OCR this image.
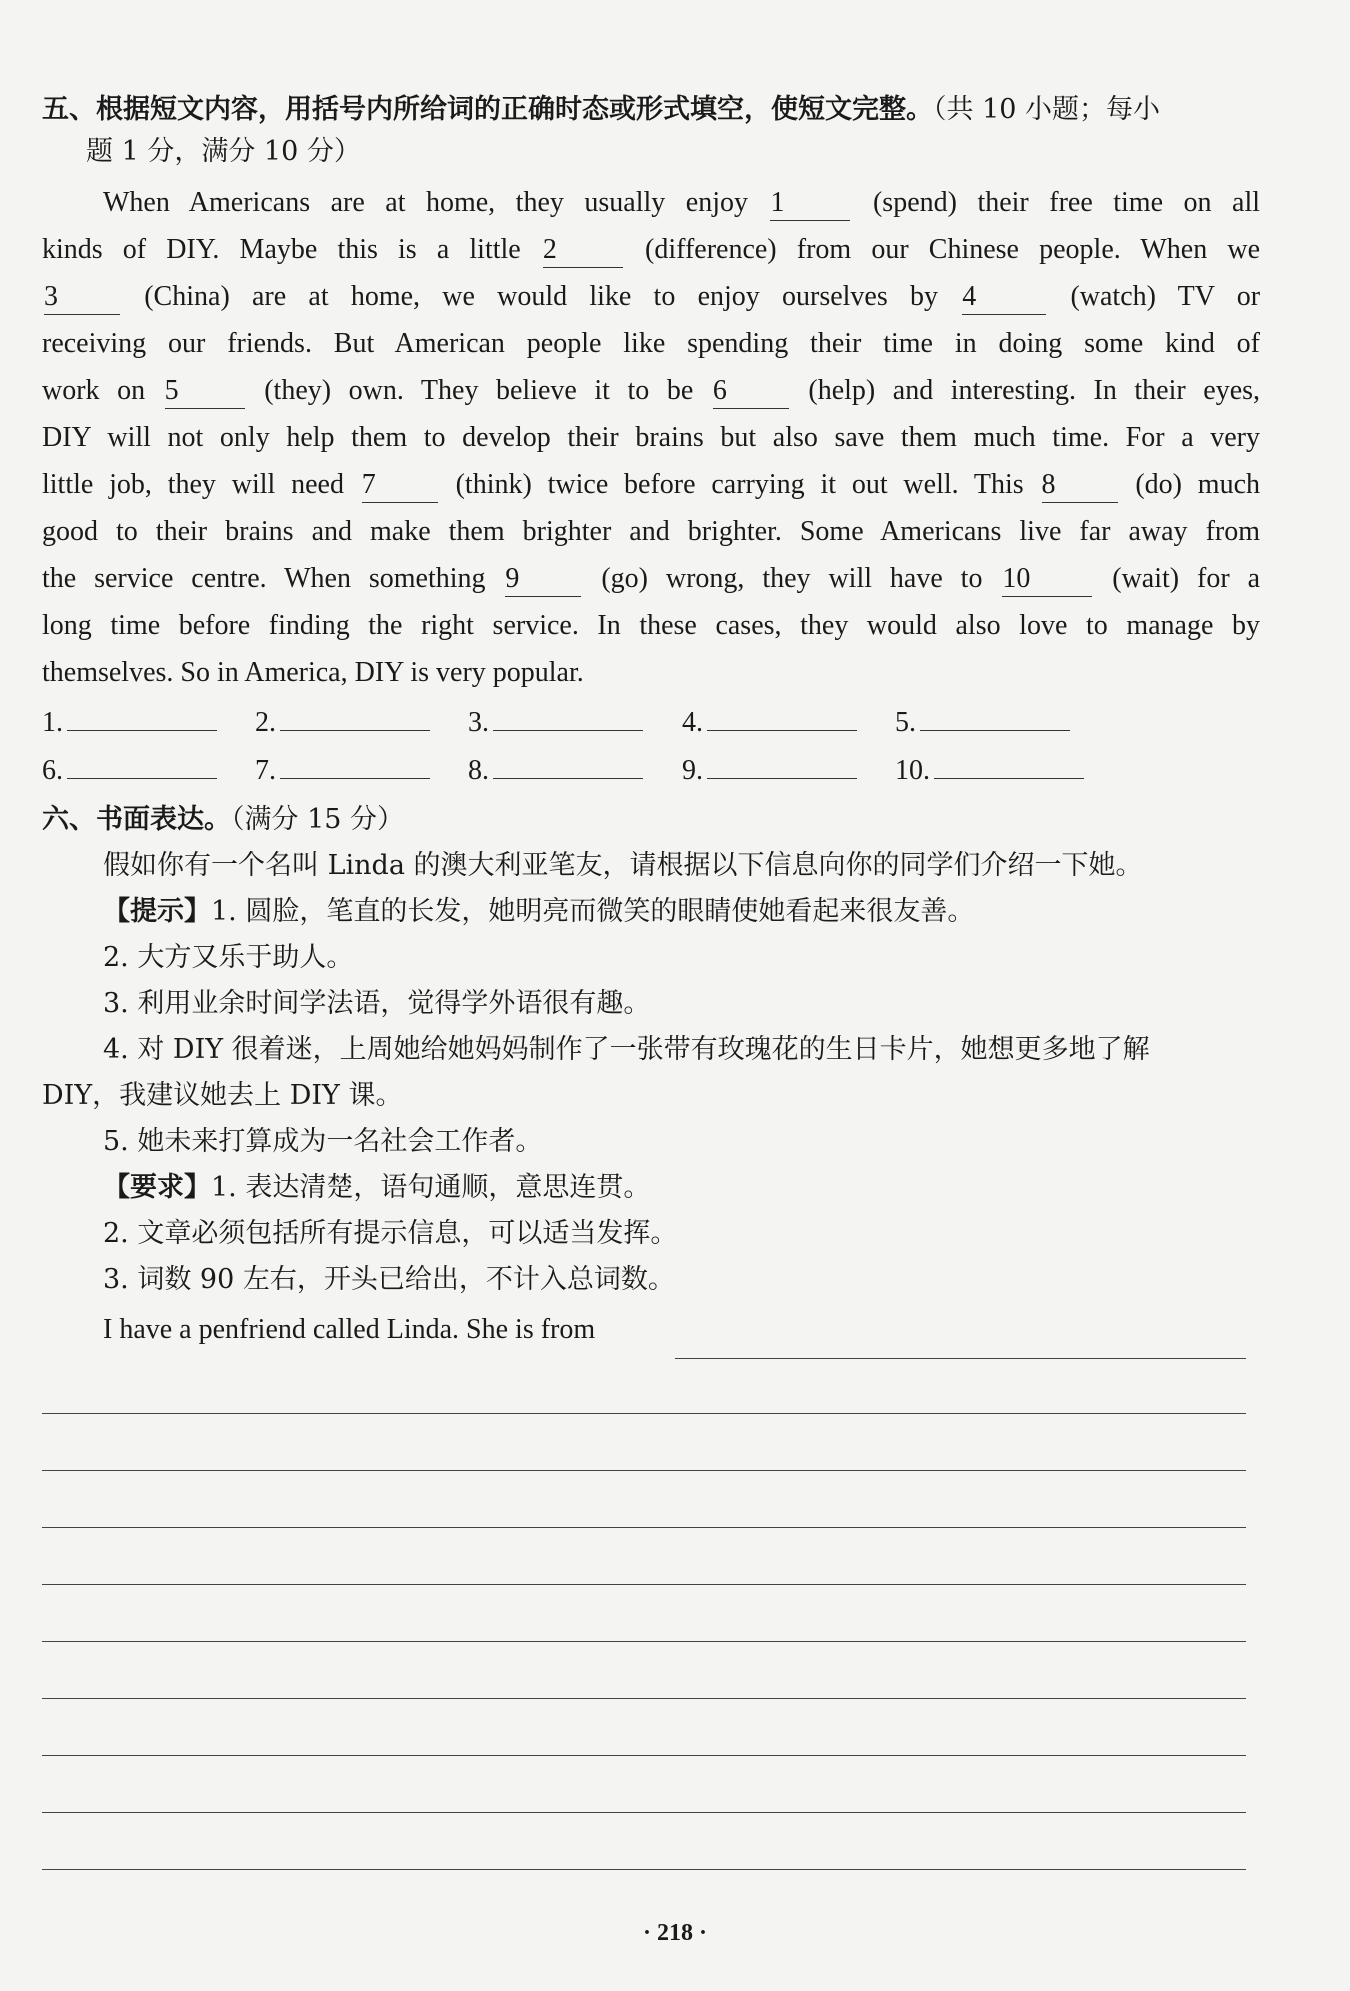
五、根据短文内容，用括号内所给词的正确时态或形式填空，使短文完整。（共 10 小题；每小
题 1 分，满分 10 分）
When Americans are at home, they usually enjoy 1	(spend) their free time on all
kinds of DIY. Maybe this is a little 2	(difference) from our Chinese people. When we
3	(China) are at home, we would like to enjoy ourselves by 4	(watch) TV or
receiving our friends. But American people like spending their time in doing some kind of
work on 5	(they) own. They believe it to be 6	(help) and interesting. In their eyes,
DIY will not only help them to develop their brains but also save them much time. For a very
little job, they will need 7	(think) twice before carrying it out well. This 8	(do) much
good to their brains and make them brighter and brighter. Some Americans live far away from
the service centre. When something 9	(go) wrong, they will have to 10	(wait) for a
long time before finding the right service. In these cases, they would also love to manage by
themselves. So in America, DIY is very popular.
1.	2.	3.	4.	5.
6.	7.	8.	9.	10.
六、书面表达。（满分 15 分）
假如你有一个名叫 Linda 的澳大利亚笔友，请根据以下信息向你的同学们介绍一下她。
【提示】1. 圆脸，笔直的长发，她明亮而微笑的眼睛使她看起来很友善。
2. 大方又乐于助人。
3. 利用业余时间学法语，觉得学外语很有趣。
4. 对 DIY 很着迷，上周她给她妈妈制作了一张带有玫瑰花的生日卡片，她想更多地了解
DIY，我建议她去上 DIY 课。
5. 她未来打算成为一名社会工作者。
【要求】1. 表达清楚，语句通顺，意思连贯。
2. 文章必须包括所有提示信息，可以适当发挥。
3. 词数 90 左右，开头已给出，不计入总词数。
I have a penfriend called Linda. She is from
· 218 ·
